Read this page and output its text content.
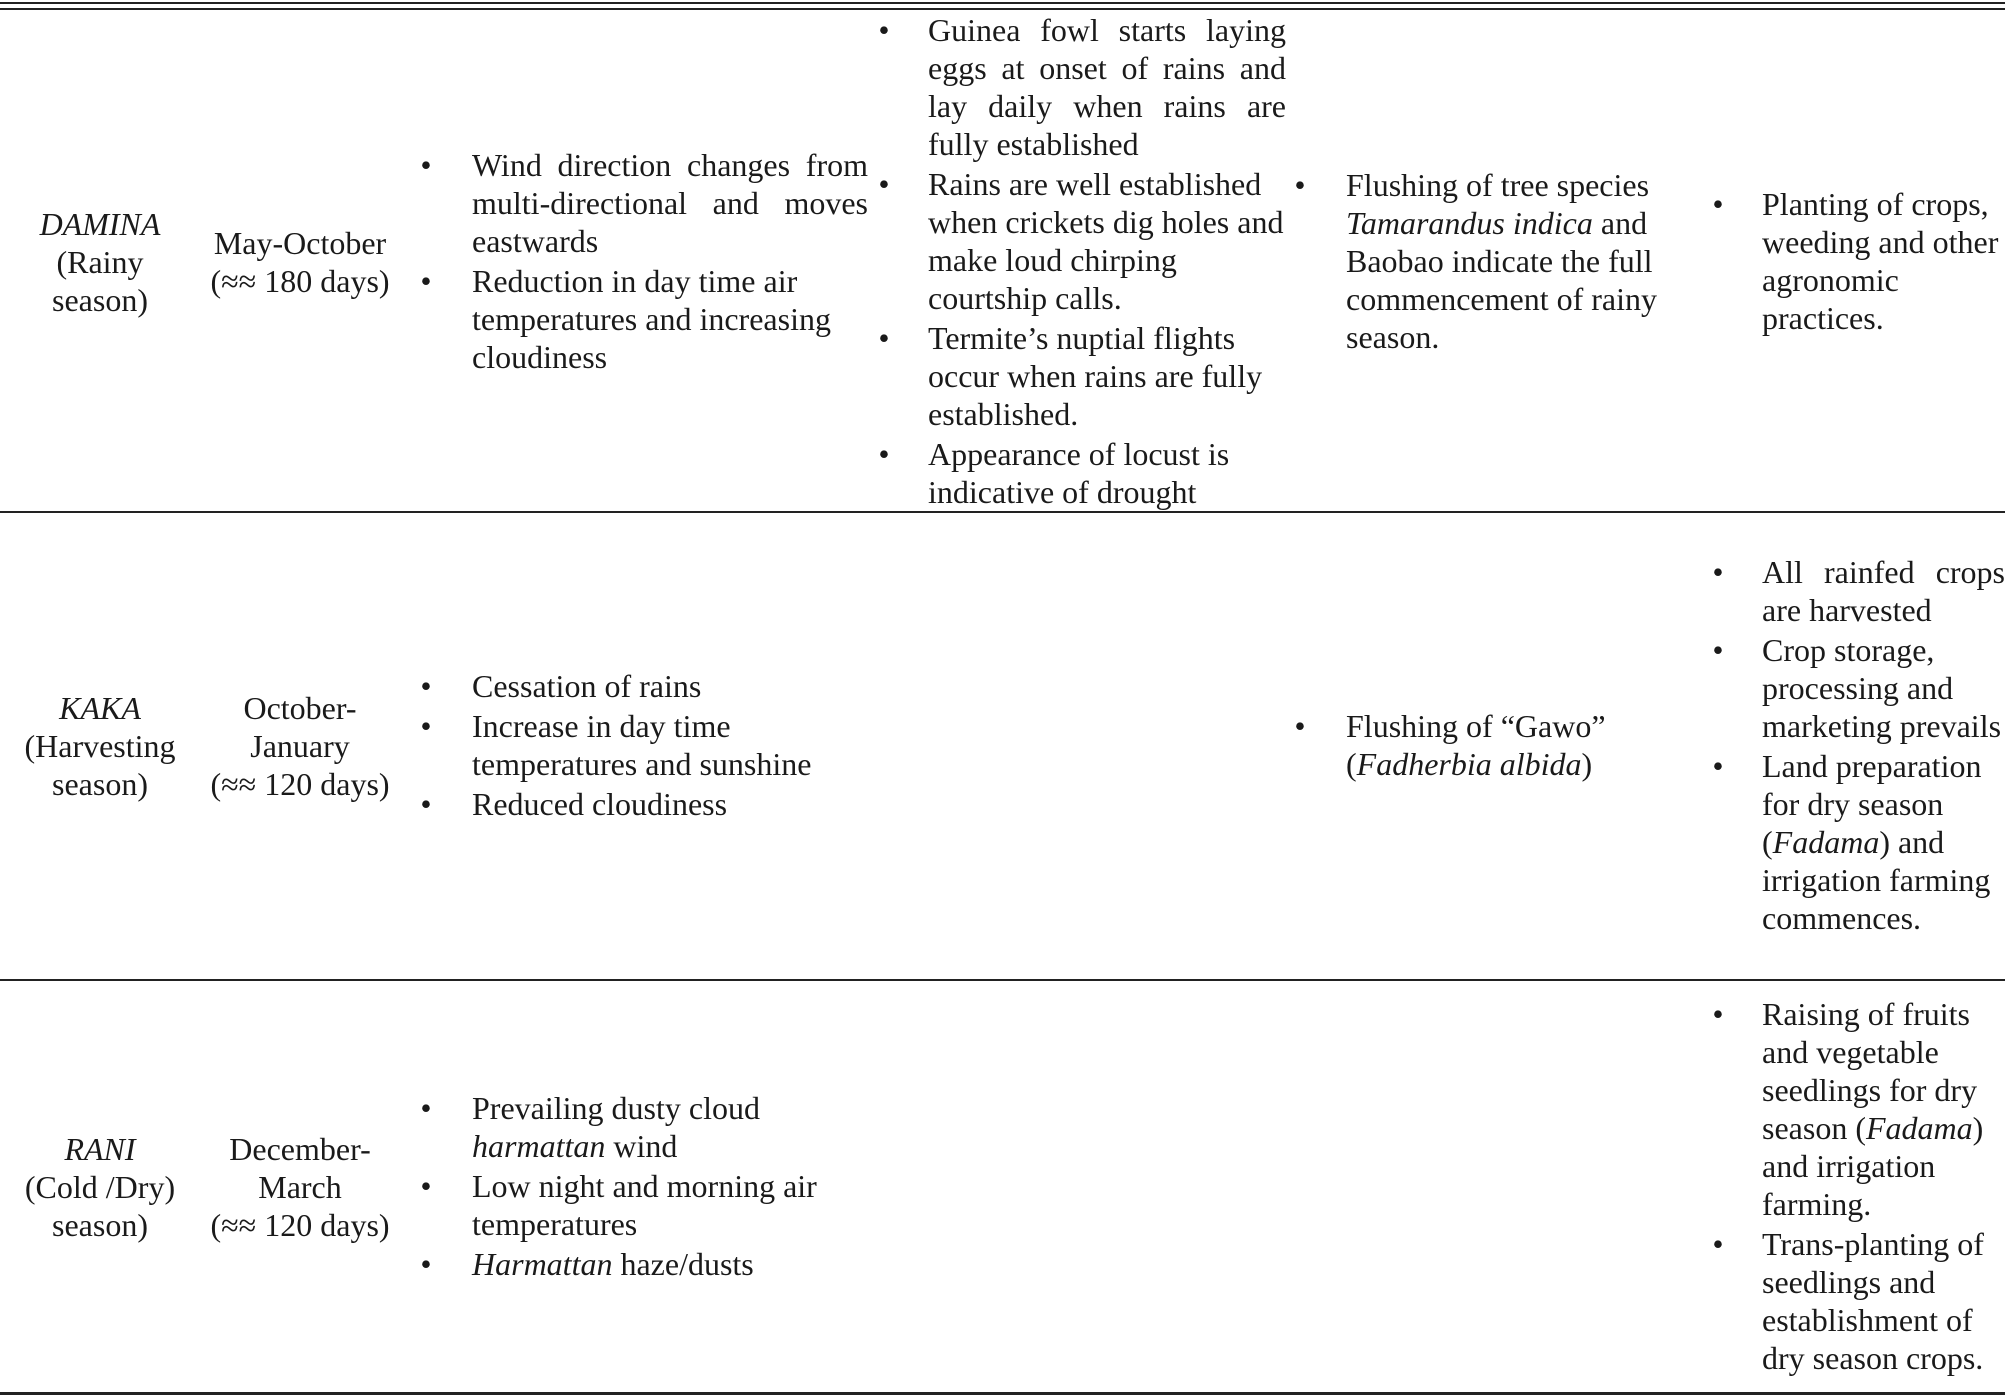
DAMINA
(Rainy
season)
May-October
(≈≈ 180 days)
• Wind direction changes from multi-directional and moves eastwards
• Reduction in day time air temperatures and increasing cloudiness
• Guinea fowl starts laying eggs at onset of rains and lay daily when rains are fully established
• Rains are well established when crickets dig holes and make loud chirping courtship calls.
• Termite’s nuptial flights occur when rains are fully established.
• Appearance of locust is indicative of drought
• Flushing of tree species Tamarandus indica and Baobao indicate the full commencement of rainy season.
• Planting of crops, weeding and other agronomic practices.
KAKA
(Harvesting
season)
October-
January
(≈≈ 120 days)
• Cessation of rains
• Increase in day time temperatures and sunshine
• Reduced cloudiness
• Flushing of “Gawo” (Fadherbia albida)
• All rainfed crops are harvested
• Crop storage, processing and marketing prevails
• Land preparation for dry season (Fadama) and irrigation farming commences.
RANI
(Cold /Dry)
season)
December-
March
(≈≈ 120 days)
• Prevailing dusty cloud harmattan wind
• Low night and morning air temperatures
• Harmattan haze/dusts
• Raising of fruits and vegetable seedlings for dry season (Fadama) and irrigation farming.
• Trans-planting of seedlings and establishment of dry season crops.
